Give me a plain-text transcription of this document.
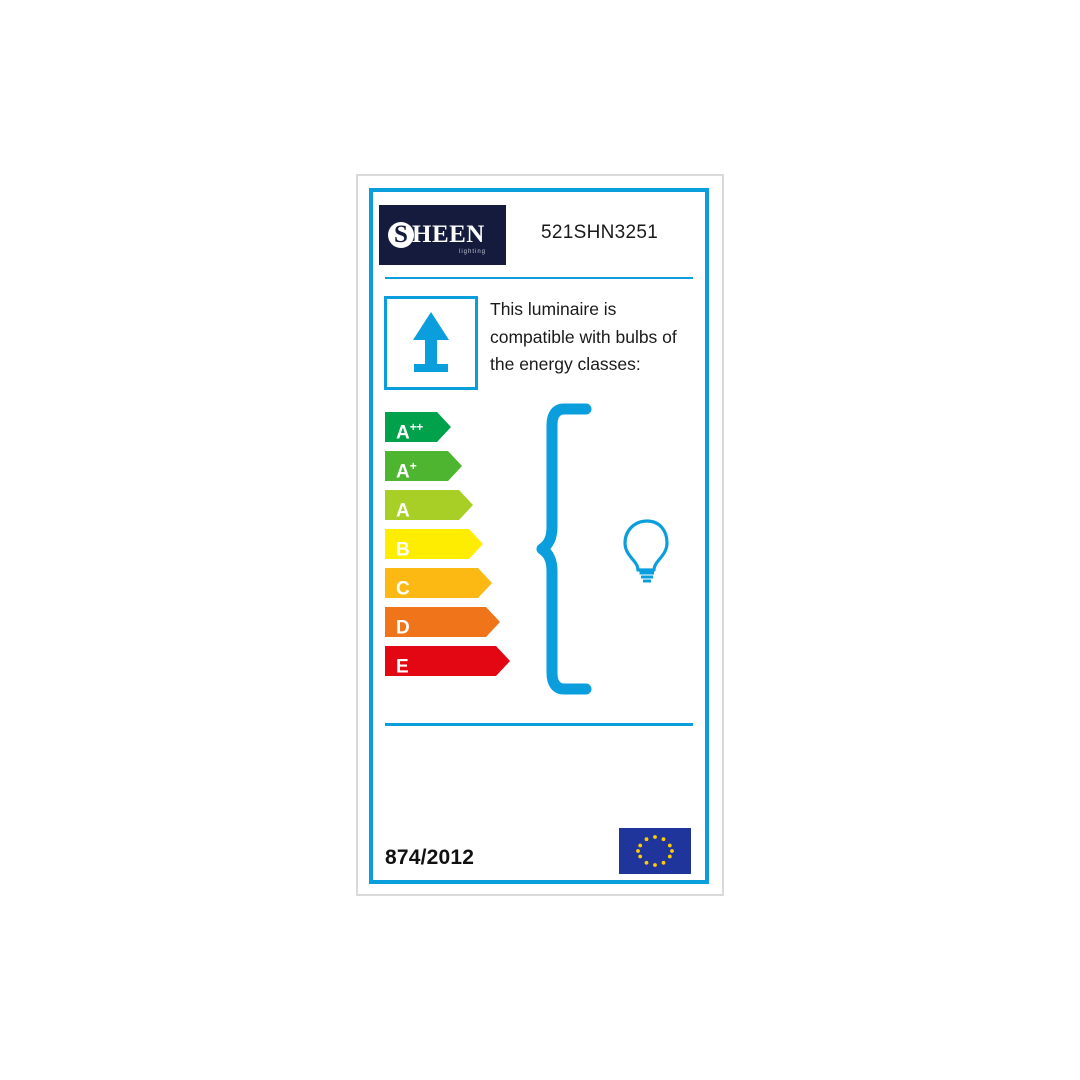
S HEEN
lighting
521SHN3251
This luminaire is compatible with bulbs of the energy classes:
A++
A+
A
B
C
D
E
874/2012
